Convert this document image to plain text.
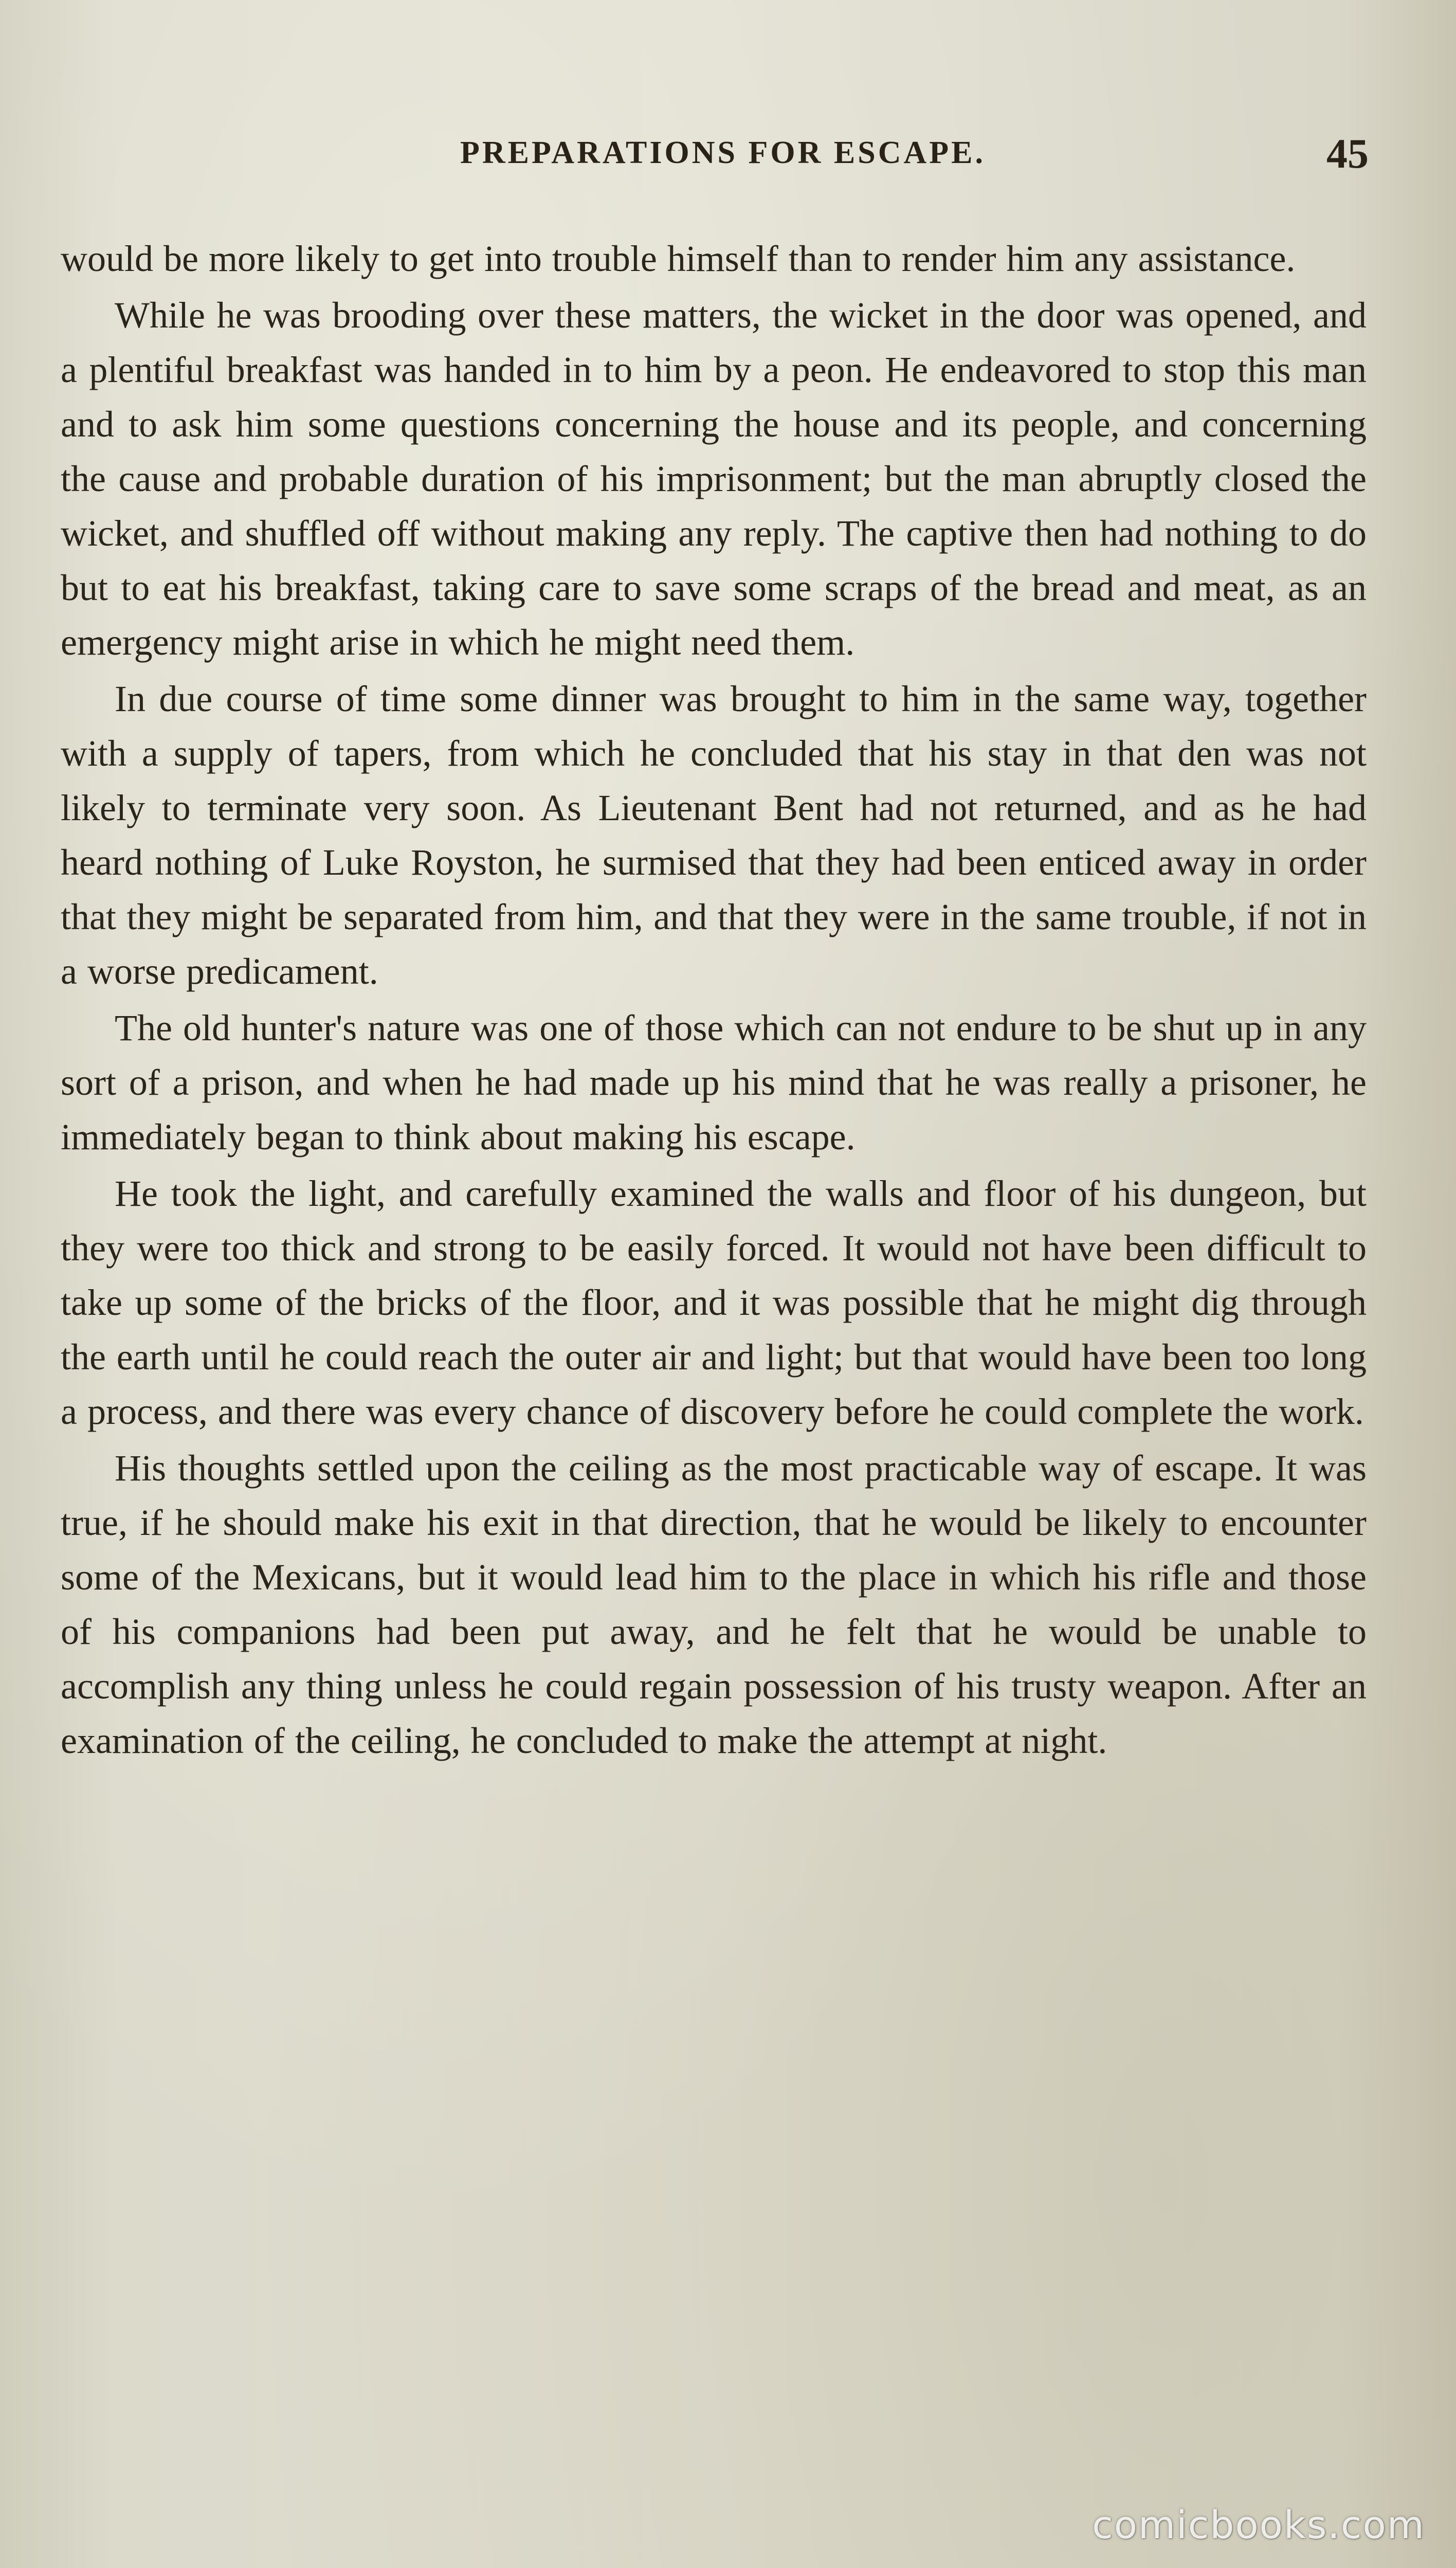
PREPARATIONS FOR ESCAPE.	45

would be more likely to get into trouble himself than to render him any assistance.

While he was brooding over these matters, the wicket in the door was opened, and a plentiful breakfast was handed in to him by a peon. He endeavored to stop this man and to ask him some questions concerning the house and its people, and concerning the cause and probable duration of his imprisonment; but the man abruptly closed the wicket, and shuffled off without making any reply. The captive then had nothing to do but to eat his breakfast, taking care to save some scraps of the bread and meat, as an emergency might arise in which he might need them.

In due course of time some dinner was brought to him in the same way, together with a supply of tapers, from which he concluded that his stay in that den was not likely to terminate very soon. As Lieutenant Bent had not returned, and as he had heard nothing of Luke Royston, he surmised that they had been enticed away in order that they might be separated from him, and that they were in the same trouble, if not in a worse predicament.

The old hunter's nature was one of those which can not endure to be shut up in any sort of a prison, and when he had made up his mind that he was really a prisoner, he immediately began to think about making his escape.

He took the light, and carefully examined the walls and floor of his dungeon, but they were too thick and strong to be easily forced. It would not have been difficult to take up some of the bricks of the floor, and it was possible that he might dig through the earth until he could reach the outer air and light; but that would have been too long a process, and there was every chance of discovery before he could complete the work.

His thoughts settled upon the ceiling as the most practicable way of escape. It was true, if he should make his exit in that direction, that he would be likely to encounter some of the Mexicans, but it would lead him to the place in which his rifle and those of his companions had been put away, and he felt that he would be unable to accomplish any thing unless he could regain possession of his trusty weapon. After an examination of the ceiling, he concluded to make the attempt at night.

comicbooks.com
